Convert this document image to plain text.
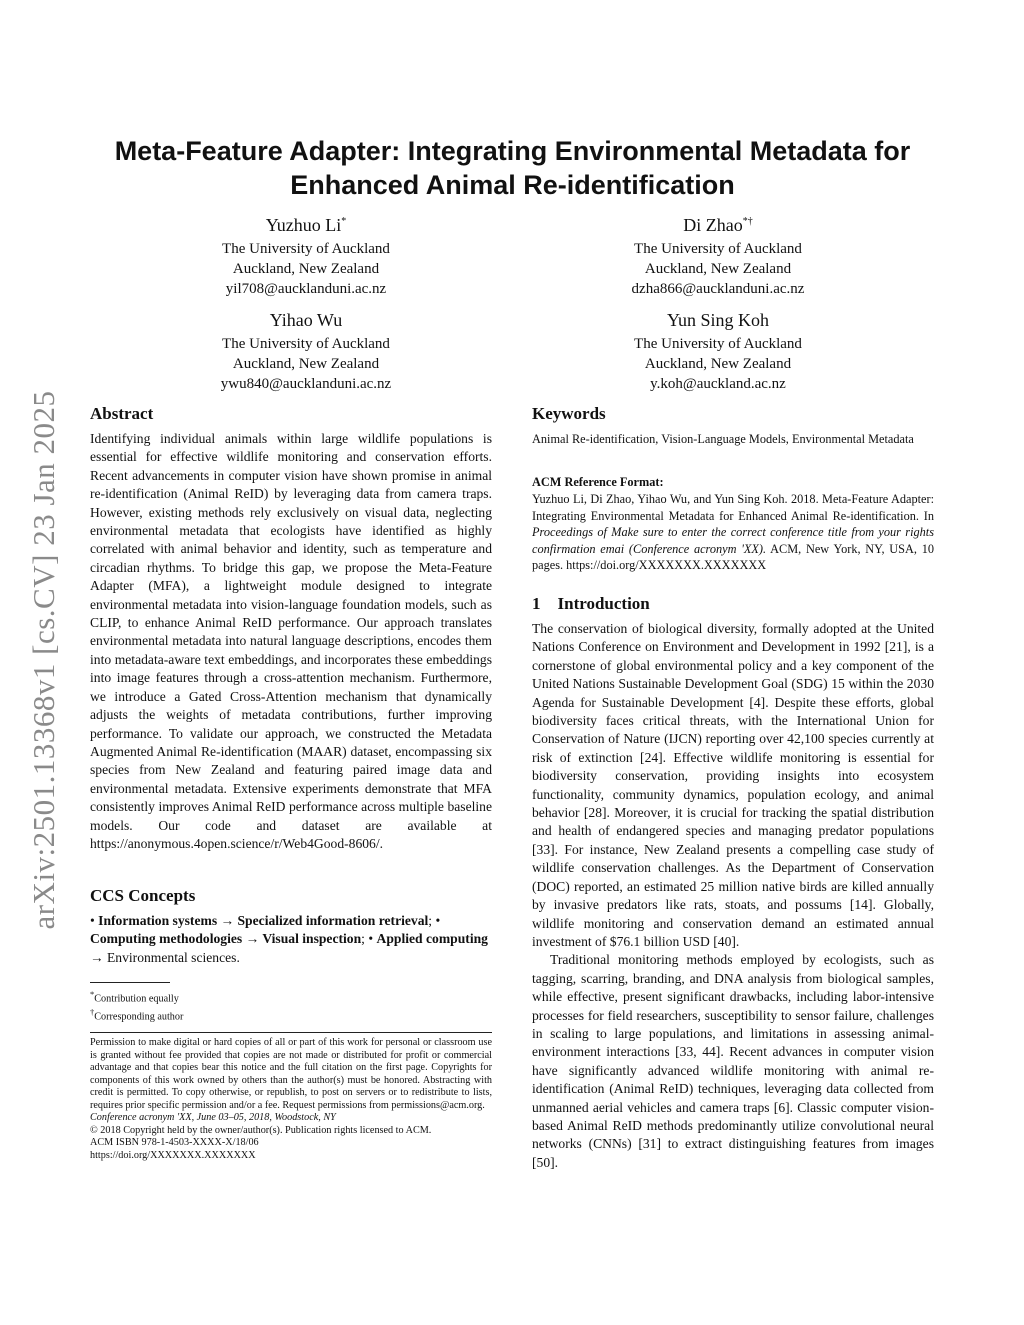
arXiv:2501.13368v1 [cs.CV] 23 Jan 2025
Meta-Feature Adapter: Integrating Environmental Metadata for
Enhanced Animal Re-identification
Yuzhuo Li*
The University of Auckland
Auckland, New Zealand
yil708@aucklanduni.ac.nz
Di Zhao*†
The University of Auckland
Auckland, New Zealand
dzha866@aucklanduni.ac.nz
Yihao Wu
The University of Auckland
Auckland, New Zealand
ywu840@aucklanduni.ac.nz
Yun Sing Koh
The University of Auckland
Auckland, New Zealand
y.koh@auckland.ac.nz
Abstract
Identifying individual animals within large wildlife populations is essential for effective wildlife monitoring and conservation efforts. Recent advancements in computer vision have shown promise in animal re-identification (Animal ReID) by leveraging data from camera traps. However, existing methods rely exclusively on visual data, neglecting environmental metadata that ecologists have identified as highly correlated with animal behavior and identity, such as temperature and circadian rhythms. To bridge this gap, we propose the Meta-Feature Adapter (MFA), a lightweight module designed to integrate environmental metadata into vision-language foundation models, such as CLIP, to enhance Animal ReID performance. Our approach translates environmental metadata into natural language descriptions, encodes them into metadata-aware text embeddings, and incorporates these embeddings into image features through a cross-attention mechanism. Furthermore, we introduce a Gated Cross-Attention mechanism that dynamically adjusts the weights of metadata contributions, further improving performance. To validate our approach, we constructed the Metadata Augmented Animal Re-identification (MAAR) dataset, encompassing six species from New Zealand and featuring paired image data and environmental metadata. Extensive experiments demonstrate that MFA consistently improves Animal ReID performance across multiple baseline models. Our code and dataset are available at https://anonymous.4open.science/r/Web4Good-8606/.
CCS Concepts
• Information systems → Specialized information retrieval; • Computing methodologies → Visual inspection; • Applied computing → Environmental sciences.
*Contribution equally
†Corresponding author

Permission to make digital or hard copies of all or part of this work for personal or classroom use is granted without fee provided that copies are not made or distributed for profit or commercial advantage and that copies bear this notice and the full citation on the first page. Copyrights for components of this work owned by others than the author(s) must be honored. Abstracting with credit is permitted. To copy otherwise, or republish, to post on servers or to redistribute to lists, requires prior specific permission and/or a fee. Request permissions from permissions@acm.org.

Conference acronym 'XX, June 03–05, 2018, Woodstock, NY

© 2018 Copyright held by the owner/author(s). Publication rights licensed to ACM.

ACM ISBN 978-1-4503-XXXX-X/18/06

https://doi.org/XXXXXXX.XXXXXXX

Keywords
Animal Re-identification, Vision-Language Models, Environmental Metadata
ACM Reference Format:
Yuzhuo Li, Di Zhao, Yihao Wu, and Yun Sing Koh. 2018. Meta-Feature Adapter: Integrating Environmental Metadata for Enhanced Animal Re-identification. In Proceedings of Make sure to enter the correct conference title from your rights confirmation emai (Conference acronym 'XX). ACM, New York, NY, USA, 10 pages. https://doi.org/XXXXXXX.XXXXXXX
1 Introduction

The conservation of biological diversity, formally adopted at the United Nations Conference on Environment and Development in 1992 [21], is a cornerstone of global environmental policy and a key component of the United Nations Sustainable Development Goal (SDG) 15 within the 2030 Agenda for Sustainable Development [4]. Despite these efforts, global biodiversity faces critical threats, with the International Union for Conservation of Nature (IJCN) reporting over 42,100 species currently at risk of extinction [24]. Effective wildlife monitoring is essential for biodiversity conservation, providing insights into ecosystem functionality, community dynamics, population ecology, and animal behavior [28]. Moreover, it is crucial for tracking the spatial distribution and health of endangered species and managing predator populations [33]. For instance, New Zealand presents a compelling case study of wildlife conservation challenges. As the Department of Conservation (DOC) reported, an estimated 25 million native birds are killed annually by invasive predators like rats, stoats, and possums [14]. Globally, wildlife monitoring and conservation demand an estimated annual investment of $76.1 billion USD [40].

Traditional monitoring methods employed by ecologists, such as tagging, scarring, branding, and DNA analysis from biological samples, while effective, present significant drawbacks, including labor-intensive processes for field researchers, susceptibility to sensor failure, challenges in scaling to large populations, and limitations in assessing animal-environment interactions [33, 44]. Recent advances in computer vision have significantly advanced wildlife monitoring with animal re-identification (Animal ReID) techniques, leveraging data collected from unmanned aerial vehicles and camera traps [6]. Classic computer vision-based Animal ReID methods predominantly utilize convolutional neural networks (CNNs) [31] to extract distinguishing features from images [50].
